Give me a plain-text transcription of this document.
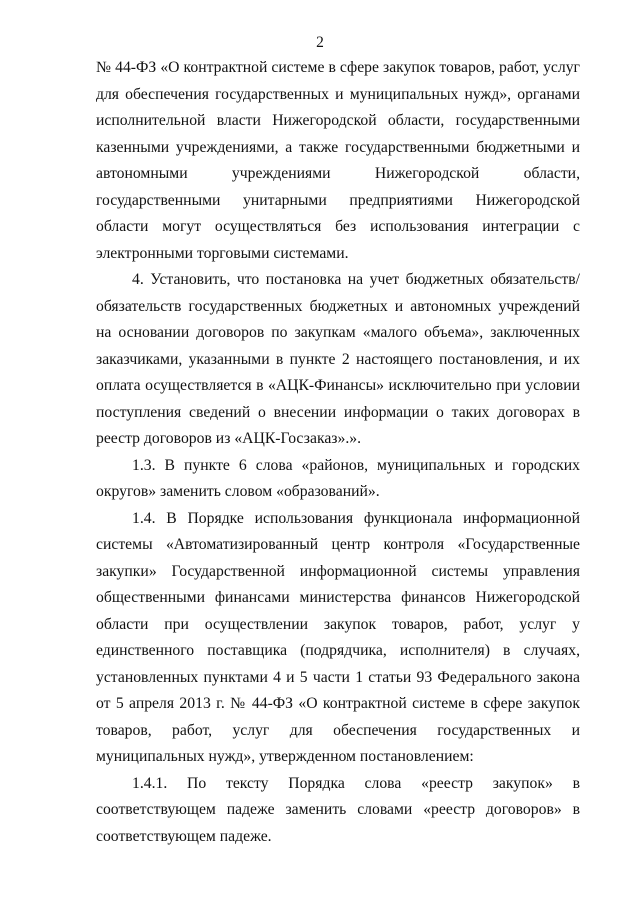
2

№ 44-ФЗ «О контрактной системе в сфере закупок товаров, работ, услуг для обеспечения государственных и муниципальных нужд», органами исполнительной власти Нижегородской области, государственными казенными учреждениями, а также государственными бюджетными и автономными учреждениями Нижегородской области, государственными унитарными предприятиями Нижегородской области могут осуществляться без использования интеграции с электронными торговыми системами.

4. Установить, что постановка на учет бюджетных обязательств/обязательств государственных бюджетных и автономных учреждений на основании договоров по закупкам «малого объема», заключенных заказчиками, указанными в пункте 2 настоящего постановления, и их оплата осуществляется в «АЦК-Финансы» исключительно при условии поступления сведений о внесении информации о таких договорах в реестр договоров из «АЦК-Госзаказ».».

1.3. В пункте 6 слова «районов, муниципальных и городских округов» заменить словом «образований».

1.4. В Порядке использования функционала информационной системы «Автоматизированный центр контроля «Государственные закупки» Государственной информационной системы управления общественными финансами министерства финансов Нижегородской области при осуществлении закупок товаров, работ, услуг у единственного поставщика (подрядчика, исполнителя) в случаях, установленных пунктами 4 и 5 части 1 статьи 93 Федерального закона от 5 апреля 2013 г. № 44-ФЗ «О контрактной системе в сфере закупок товаров, работ, услуг для обеспечения государственных и муниципальных нужд», утвержденном постановлением:

1.4.1. По тексту Порядка слова «реестр закупок» в соответствующем падеже заменить словами «реестр договоров» в соответствующем падеже.
